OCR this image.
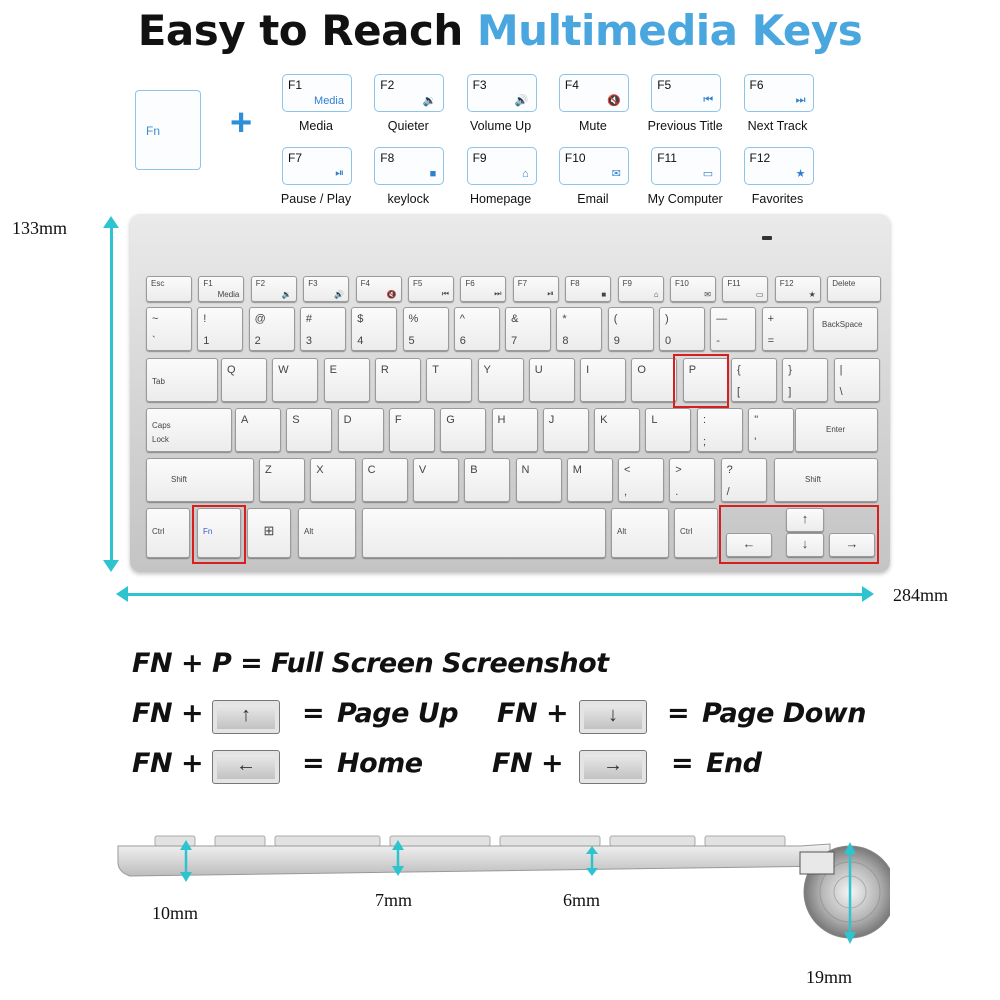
Easy to Reach Multimedia Keys
Fn +
F1
Media
Media
F2
🔉
Quieter
F3
🔊
Volume Up
F4
🔇
Mute
F5
⏮
Previous Title
F6
⏭
Next Track
F7
⏯
Pause / Play
F8
■
keylock
F9
⌂
Homepage
F10
✉
Email
F11
▭
My Computer
F12
★
Favorites
133mm
Esc	F1
Media
F2
🔉
F3
🔊
F4
🔇
F5
⏮
F6
⏭
F7
⏯
F8
■
F9
⌂
F10
✉
F11
▭
F12
★
Delete
~
`
!
1
@
2
#
3
$
4
%
5
^
6
&
7
*
8
(
9
)
0
—
-
+
=
BackSpace
Tab
Q	W	E	R	T	Y	U	I	O	P	{
[
}
]
|
\
Caps Lock
A	S	D	F	G	H	J	K	L	:
;
"
'
Enter
Shift
Z	X	C	V	B	N	M	<
,
>
.
?
/
Shift
Ctrl	Fn	⊞	Alt	Alt	Ctrl
↑
↓
←	→
284mm
FN + P = Full Screen Screenshot
FN +	↑	= Page Up FN +	↓	= Page Down
FN +	←	= Home	FN +	→	= End
10mm
7mm	6mm
19mm
